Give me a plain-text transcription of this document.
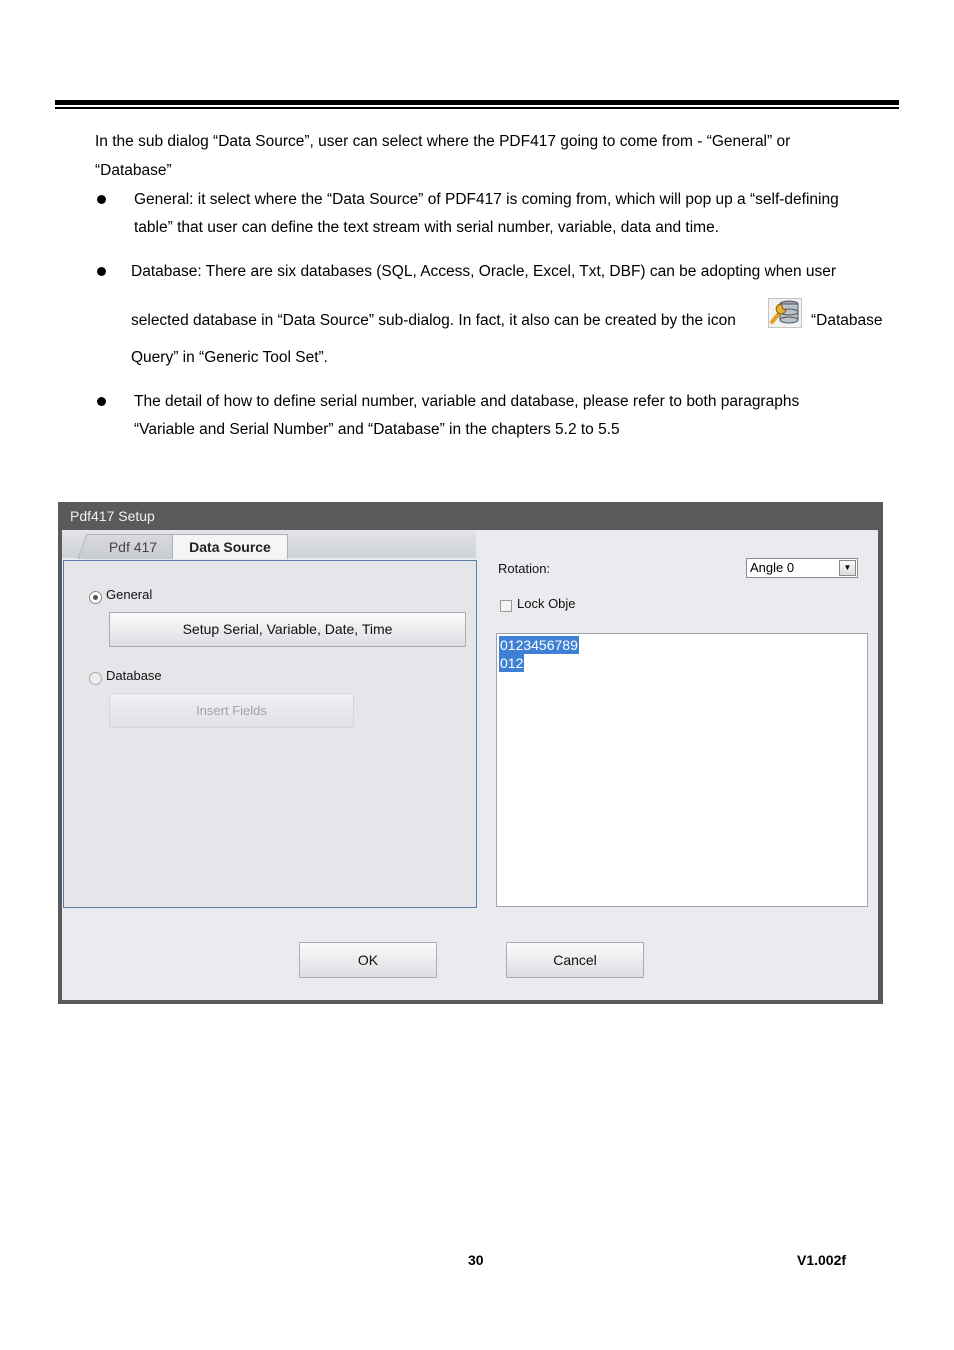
In the sub dialog “Data Source”, user can select where the PDF417 going to come from - “General” or
“Database”
General: it select where the “Data Source” of PDF417 is coming from, which will pop up a “self-defining
table” that user can define the text stream with serial number, variable, data and time.
Database: There are six databases (SQL, Access, Oracle, Excel, Txt, DBF) can be adopting when user
selected database in “Data Source” sub-dialog. In fact, it also can be created by the icon	“Database
Query” in “Generic Tool Set”.
The detail of how to define serial number, variable and database, please refer to both paragraphs
“Variable and Serial Number” and “Database” in the chapters 5.2 to 5.5
Pdf417 Setup
Pdf 417	Data Source
General
Setup Serial, Variable, Date, Time
Database
Insert Fields
Rotation:	Angle 0	▼
Lock Obje
0123456789
012
OK	Cancel
30	V1.002f
